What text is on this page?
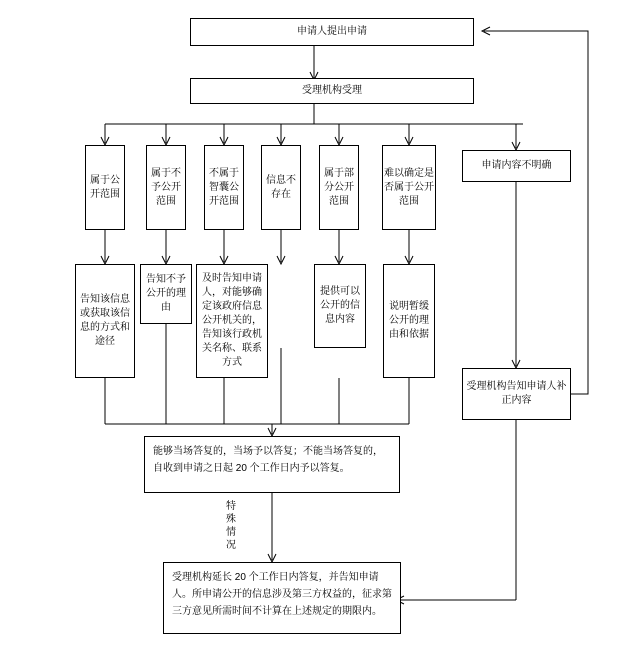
申请人提出申请
受理机构受理
属于公开范围
属于不予公开范围
不属于智囊公开范围
信息不存在
属于部分公开范围
难以确定是否属于公开范围
申请内容不明确
告知该信息或获取该信息的方式和途径
告知不予公开的理由
及时告知申请人，对能够确定该政府信息公开机关的，告知该行政机关名称、联系方式
提供可以公开的信息内容
说明暂缓公开的理由和依据
受理机构告知申请人补正内容
能够当场答复的，当场予以答复；不能当场答复的，自收到申请之日起 20 个工作日内予以答复。
特殊情况
受理机构延长 20 个工作日内答复，并告知申请人。所申请公开的信息涉及第三方权益的，征求第三方意见所需时间不计算在上述规定的期限内。
